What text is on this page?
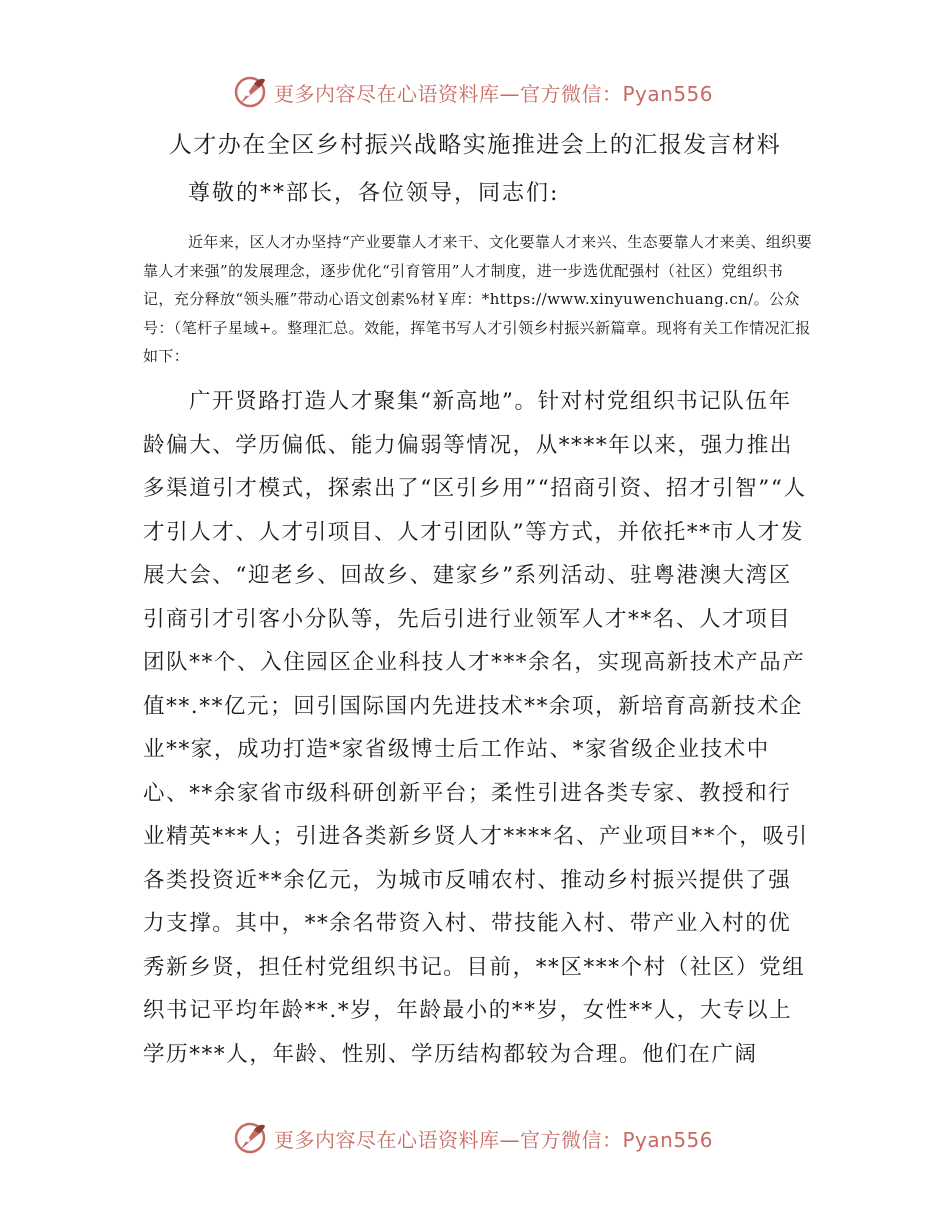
更多内容尽在心语资料库—官方微信：Pyan556
人才办在全区乡村振兴战略实施推进会上的汇报发言材料
尊敬的**部长，各位领导，同志们:

近年来，区人才办坚持“产业要靠人才来干、文化要靠人才来兴、生态要靠人才来美、组织要靠人才来强”的发展理念，逐步优化“引育管用”人才制度，进一步选优配强村（社区）党组织书记，充分释放“领头雁”带动心语文创素%材￥库：*https://www.xinyuwenchuang.cn/。公众号：（笔杆子星域+。整理汇总。效能，挥笔书写人才引领乡村振兴新篇章。现将有关工作情况汇报如下：

广开贤路打造人才聚集“新高地”。针对村党组织书记队伍年龄偏大、学历偏低、能力偏弱等情况，从****年以来，强力推出多渠道引才模式，探索出了“区引乡用”“招商引资、招才引智”“人才引人才、人才引项目、人才引团队”等方式，并依托**市人才发展大会、“迎老乡、回故乡、建家乡”系列活动、驻粤港澳大湾区引商引才引客小分队等，先后引进行业领军人才**名、人才项目团队**个、入住园区企业科技人才***余名，实现高新技术产品产值**.**亿元；回引国际国内先进技术**余项，新培育高新技术企业**家，成功打造*家省级博士后工作站、*家省级企业技术中心、**余家省市级科研创新平台；柔性引进各类专家、教授和行业精英***人；引进各类新乡贤人才****名、产业项目**个，吸引各类投资近**余亿元，为城市反哺农村、推动乡村振兴提供了强力支撑。其中，**余名带资入村、带技能入村、带产业入村的优秀新乡贤，担任村党组织书记。目前，**区***个村（社区）党组织书记平均年龄**.*岁，年龄最小的**岁，女性**人，大专以上学历***人，年龄、性别、学历结构都较为合理。他们在广阔

更多内容尽在心语资料库—官方微信：Pyan556
